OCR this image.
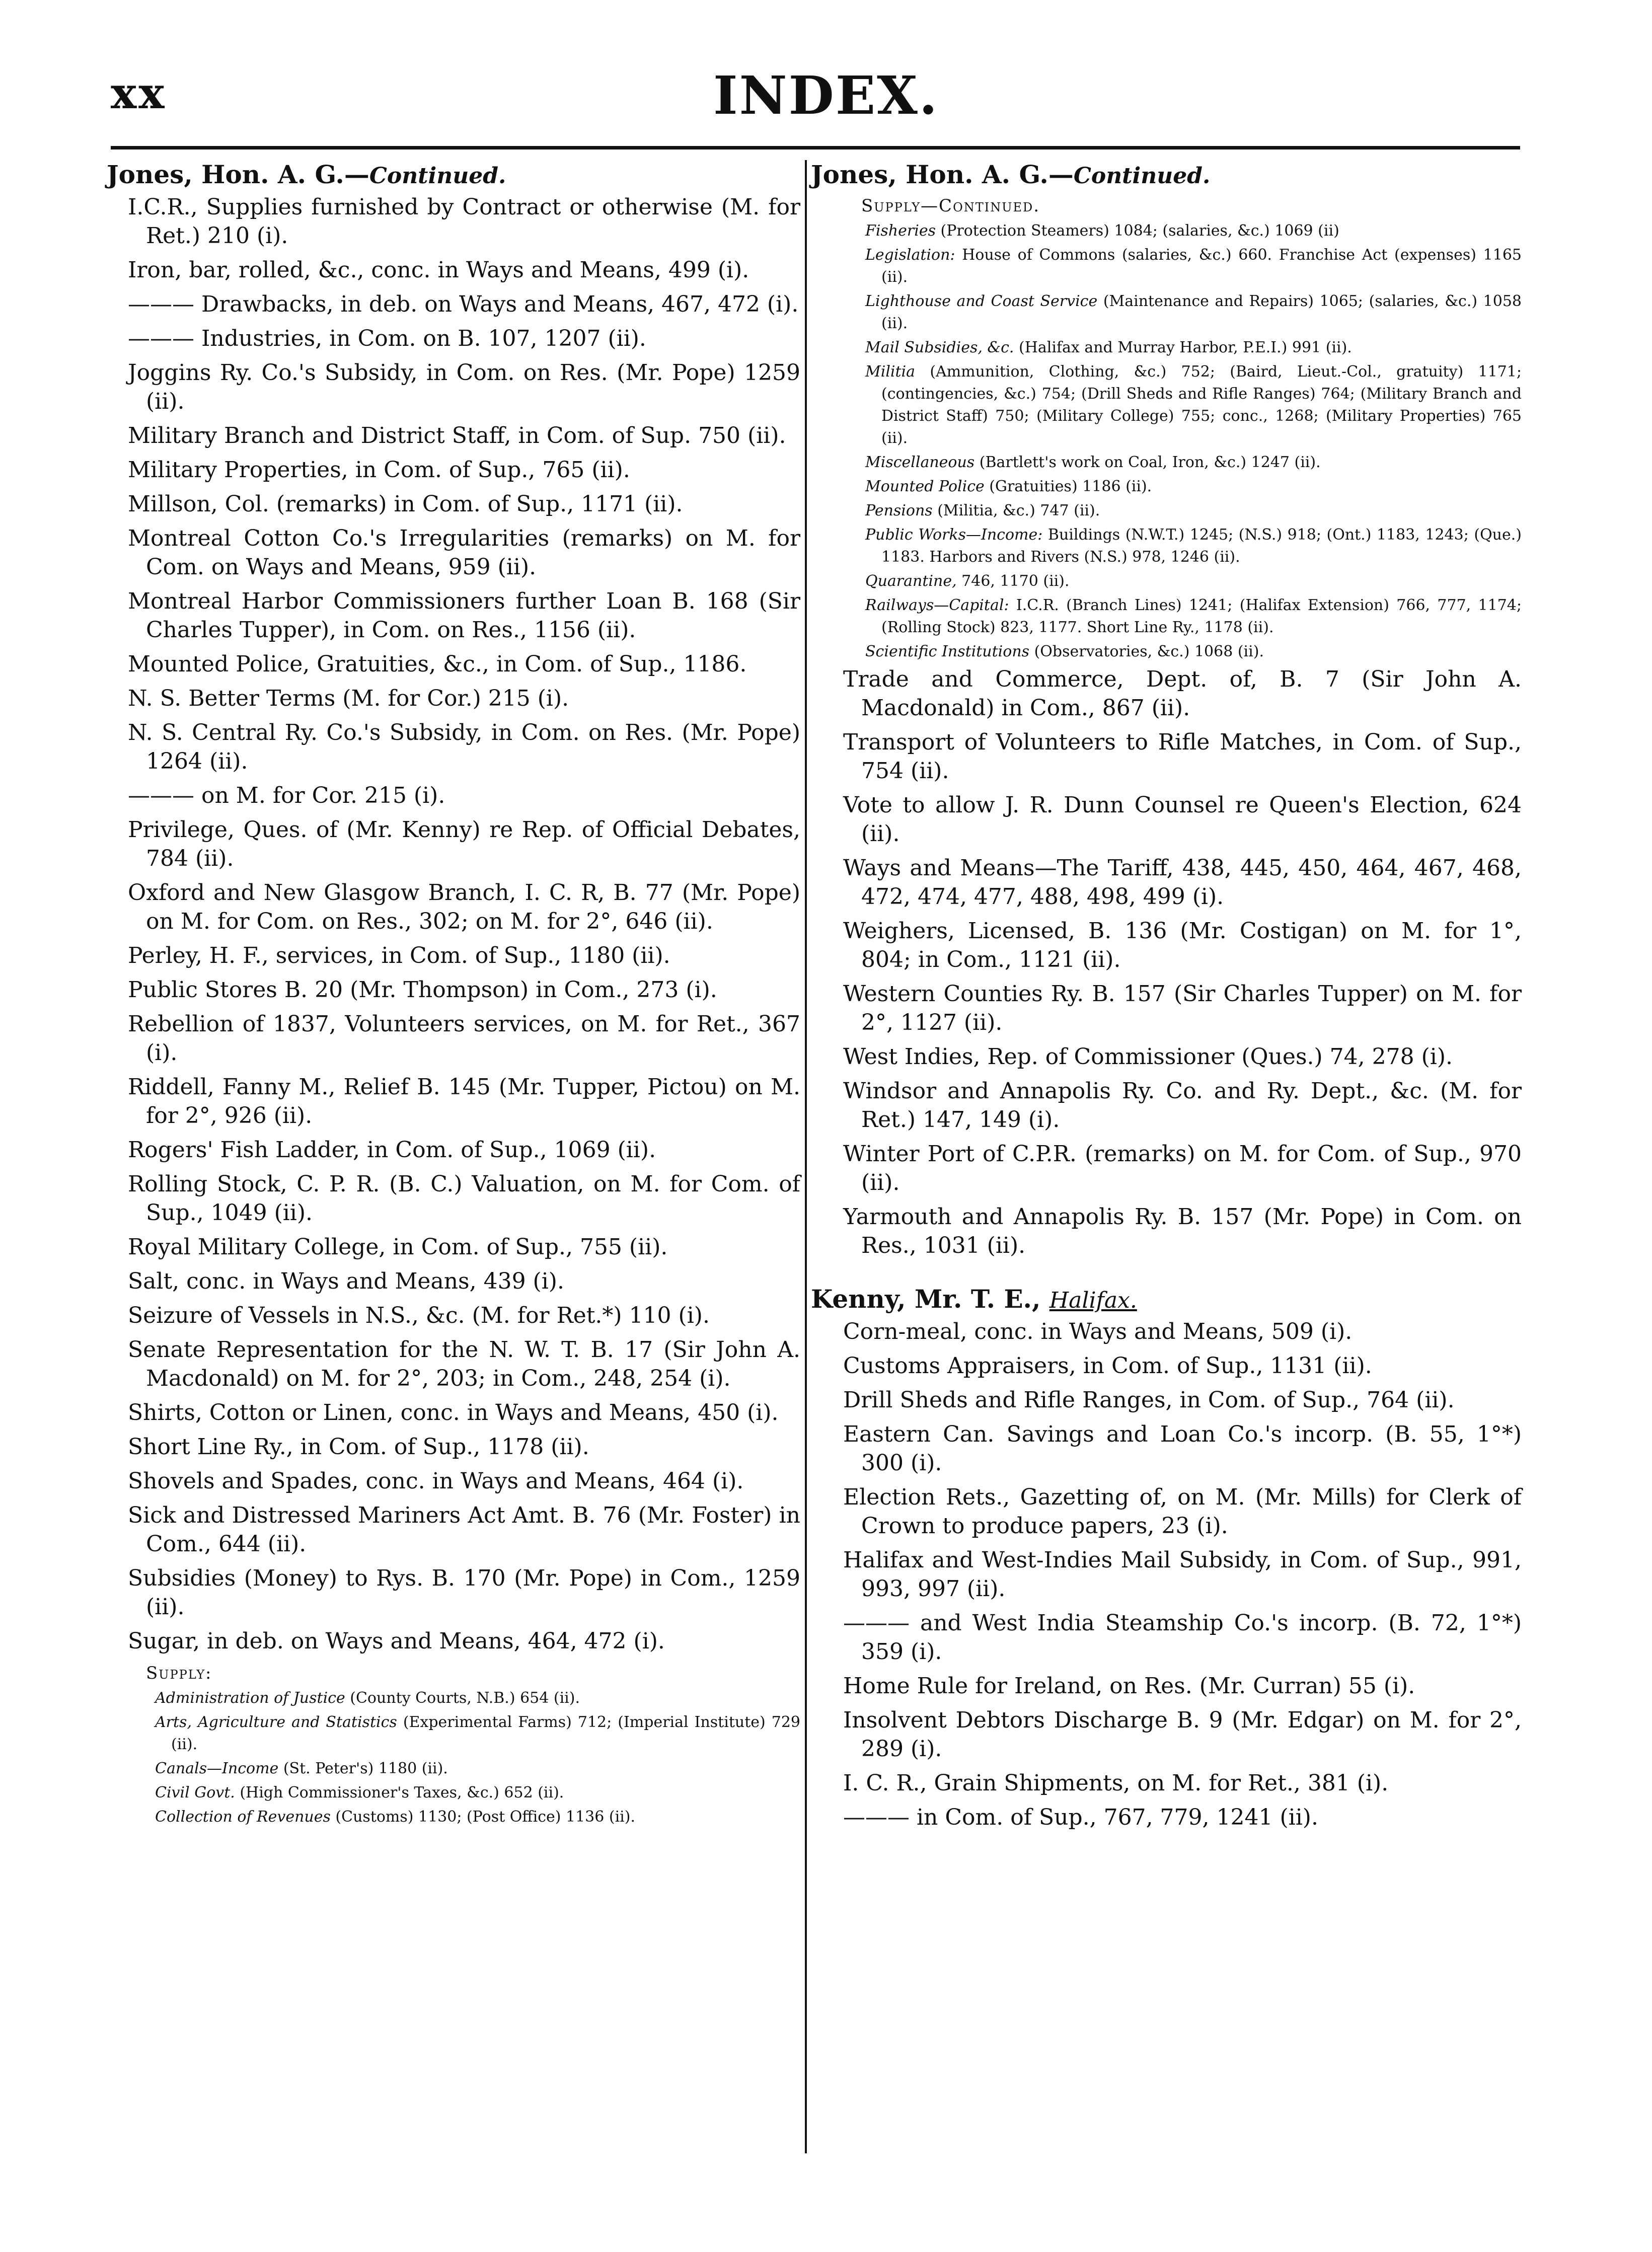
xx	INDEX.
Jones, Hon. A. G.—Continued.
I.C.R., Supplies furnished by Contract or otherwise (M. for Ret.) 210 (i).
Iron, bar, rolled, &c., conc. in Ways and Means, 499 (i).
——— Drawbacks, in deb. on Ways and Means, 467, 472 (i).
——— Industries, in Com. on B. 107, 1207 (ii).
Joggins Ry. Co.'s Subsidy, in Com. on Res. (Mr. Pope) 1259 (ii).
Military Branch and District Staff, in Com. of Sup. 750 (ii).
Military Properties, in Com. of Sup., 765 (ii).
Millson, Col. (remarks) in Com. of Sup., 1171 (ii).
Montreal Cotton Co.'s Irregularities (remarks) on M. for Com. on Ways and Means, 959 (ii).
Montreal Harbor Commissioners further Loan B. 168 (Sir Charles Tupper), in Com. on Res., 1156 (ii).
Mounted Police, Gratuities, &c., in Com. of Sup., 1186.
N. S. Better Terms (M. for Cor.) 215 (i).
N. S. Central Ry. Co.'s Subsidy, in Com. on Res. (Mr. Pope) 1264 (ii).
——— on M. for Cor. 215 (i).
Privilege, Ques. of (Mr. Kenny) re Rep. of Official Debates, 784 (ii).
Oxford and New Glasgow Branch, I. C. R, B. 77 (Mr. Pope) on M. for Com. on Res., 302; on M. for 2°, 646 (ii).
Perley, H. F., services, in Com. of Sup., 1180 (ii).
Public Stores B. 20 (Mr. Thompson) in Com., 273 (i).
Rebellion of 1837, Volunteers services, on M. for Ret., 367 (i).
Riddell, Fanny M., Relief B. 145 (Mr. Tupper, Pictou) on M. for 2°, 926 (ii).
Rogers' Fish Ladder, in Com. of Sup., 1069 (ii).
Rolling Stock, C. P. R. (B. C.) Valuation, on M. for Com. of Sup., 1049 (ii).
Royal Military College, in Com. of Sup., 755 (ii).
Salt, conc. in Ways and Means, 439 (i).
Seizure of Vessels in N.S., &c. (M. for Ret.*) 110 (i).
Senate Representation for the N. W. T. B. 17 (Sir John A. Macdonald) on M. for 2°, 203; in Com., 248, 254 (i).
Shirts, Cotton or Linen, conc. in Ways and Means, 450 (i).
Short Line Ry., in Com. of Sup., 1178 (ii).
Shovels and Spades, conc. in Ways and Means, 464 (i).
Sick and Distressed Mariners Act Amt. B. 76 (Mr. Foster) in Com., 644 (ii).
Subsidies (Money) to Rys. B. 170 (Mr. Pope) in Com., 1259 (ii).
Sugar, in deb. on Ways and Means, 464, 472 (i).
Supply:
Administration of Justice (County Courts, N.B.) 654 (ii).
Arts, Agriculture and Statistics (Experimental Farms) 712; (Imperial Institute) 729 (ii).
Canals—Income (St. Peter's) 1180 (ii).
Civil Govt. (High Commissioner's Taxes, &c.) 652 (ii).
Collection of Revenues (Customs) 1130; (Post Office) 1136 (ii).
Jones, Hon. A. G.—Continued.
Supply—Continued.
Fisheries (Protection Steamers) 1084; (salaries, &c.) 1069 (ii)
Legislation: House of Commons (salaries, &c.) 660. Franchise Act (expenses) 1165 (ii).
Lighthouse and Coast Service (Maintenance and Repairs) 1065; (salaries, &c.) 1058 (ii).
Mail Subsidies, &c. (Halifax and Murray Harbor, P.E.I.) 991 (ii).
Militia (Ammunition, Clothing, &c.) 752; (Baird, Lieut.-Col., gratuity) 1171; (contingencies, &c.) 754; (Drill Sheds and Rifle Ranges) 764; (Military Branch and District Staff) 750; (Military College) 755; conc., 1268; (Military Properties) 765 (ii).
Miscellaneous (Bartlett's work on Coal, Iron, &c.) 1247 (ii).
Mounted Police (Gratuities) 1186 (ii).
Pensions (Militia, &c.) 747 (ii).
Public Works—Income: Buildings (N.W.T.) 1245; (N.S.) 918; (Ont.) 1183, 1243; (Que.) 1183. Harbors and Rivers (N.S.) 978, 1246 (ii).
Quarantine, 746, 1170 (ii).
Railways—Capital: I.C.R. (Branch Lines) 1241; (Halifax Extension) 766, 777, 1174; (Rolling Stock) 823, 1177. Short Line Ry., 1178 (ii).
Scientific Institutions (Observatories, &c.) 1068 (ii).
Trade and Commerce, Dept. of, B. 7 (Sir John A. Macdonald) in Com., 867 (ii).
Transport of Volunteers to Rifle Matches, in Com. of Sup., 754 (ii).
Vote to allow J. R. Dunn Counsel re Queen's Election, 624 (ii).
Ways and Means—The Tariff, 438, 445, 450, 464, 467, 468, 472, 474, 477, 488, 498, 499 (i).
Weighers, Licensed, B. 136 (Mr. Costigan) on M. for 1°, 804; in Com., 1121 (ii).
Western Counties Ry. B. 157 (Sir Charles Tupper) on M. for 2°, 1127 (ii).
West Indies, Rep. of Commissioner (Ques.) 74, 278 (i).
Windsor and Annapolis Ry. Co. and Ry. Dept., &c. (M. for Ret.) 147, 149 (i).
Winter Port of C.P.R. (remarks) on M. for Com. of Sup., 970 (ii).
Yarmouth and Annapolis Ry. B. 157 (Mr. Pope) in Com. on Res., 1031 (ii).
Kenny, Mr. T. E., Halifax.
Corn-meal, conc. in Ways and Means, 509 (i).
Customs Appraisers, in Com. of Sup., 1131 (ii).
Drill Sheds and Rifle Ranges, in Com. of Sup., 764 (ii).
Eastern Can. Savings and Loan Co.'s incorp. (B. 55, 1°*) 300 (i).
Election Rets., Gazetting of, on M. (Mr. Mills) for Clerk of Crown to produce papers, 23 (i).
Halifax and West-Indies Mail Subsidy, in Com. of Sup., 991, 993, 997 (ii).
——— and West India Steamship Co.'s incorp. (B. 72, 1°*) 359 (i).
Home Rule for Ireland, on Res. (Mr. Curran) 55 (i).
Insolvent Debtors Discharge B. 9 (Mr. Edgar) on M. for 2°, 289 (i).
I. C. R., Grain Shipments, on M. for Ret., 381 (i).
——— in Com. of Sup., 767, 779, 1241 (ii).
